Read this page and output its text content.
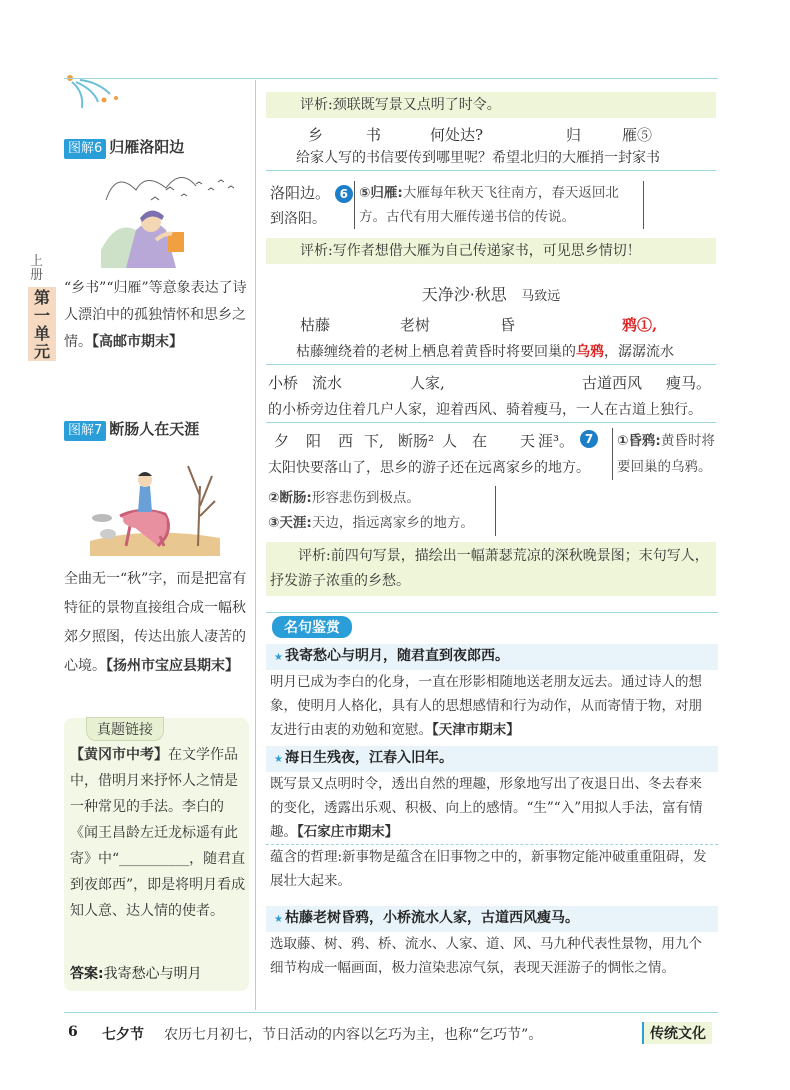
上册
第一单元
图解6 归雁洛阳边
“乡书”“归雁”等意象表达了诗人漂泊中的孤独情怀和思乡之情。【高邮市期末】
图解7 断肠人在天涯
全曲无一“秋”字，而是把富有特征的景物直接组合成一幅秋郊夕照图，传达出旅人凄苦的心境。【扬州市宝应县期末】
真题链接
【黄冈市中考】在文学作品中，借明月来抒怀人之情是一种常见的手法。李白的《闻王昌龄左迁龙标遥有此寄》中“__________，随君直到夜郎西”，即是将明月看成知人意、达人情的使者。
答案:我寄愁心与明月
评析:颈联既写景又点明了时令。
乡	书	何处达?	归	雁⑤
给家人写的书信要传到哪里呢？希望北归的大雁捎一封家书
洛阳边。 6
到洛阳。
⑤归雁:大雁每年秋天飞往南方，春天返回北方。古代有用大雁传递书信的传说。
评析:写作者想借大雁为自己传递家书，可见思乡情切！
天净沙·秋思 马致远
枯藤	老树	昏	鸦①,
枯藤缠绕着的老树上栖息着黄昏时将要回巢的乌鸦，潺潺流水
小桥 流水	人家,	古道西风 瘦马。
的小桥旁边住着几户人家，迎着西风、骑着瘦马，一人在古道上独行。
夕 阳 西 下, 断肠² 人 在 天 涯³。 7
太阳快要落山了，思乡的游子还在远离家乡的地方。
①昏鸦:黄昏时将要回巢的乌鸦。
②断肠:形容悲伤到极点。
③天涯:天边，指远离家乡的地方。
评析:前四句写景，描绘出一幅萧瑟荒凉的深秋晚景图；末句写人，抒发游子浓重的乡愁。
名句鉴赏
★ 我寄愁心与明月，随君直到夜郎西。
明月已成为李白的化身，一直在形影相随地送老朋友远去。通过诗人的想象，使明月人格化，具有人的思想感情和行为动作，从而寄情于物，对朋友进行由衷的劝勉和宽慰。【天津市期末】
★ 海日生残夜，江春入旧年。
既写景又点明时令，透出自然的理趣，形象地写出了夜退日出、冬去春来的变化，透露出乐观、积极、向上的感情。“生”“入”用拟人手法，富有情趣。【石家庄市期末】
蕴含的哲理:新事物是蕴含在旧事物之中的，新事物定能冲破重重阻碍，发展壮大起来。
★ 枯藤老树昏鸦，小桥流水人家，古道西风瘦马。
选取藤、树、鸦、桥、流水、人家、道、风、马九种代表性景物，用九个细节构成一幅画面，极力渲染悲凉气氛，表现天涯游子的惆怅之情。
6 七夕节 农历七月初七，节日活动的内容以乞巧为主，也称“乞巧节”。	传统文化
